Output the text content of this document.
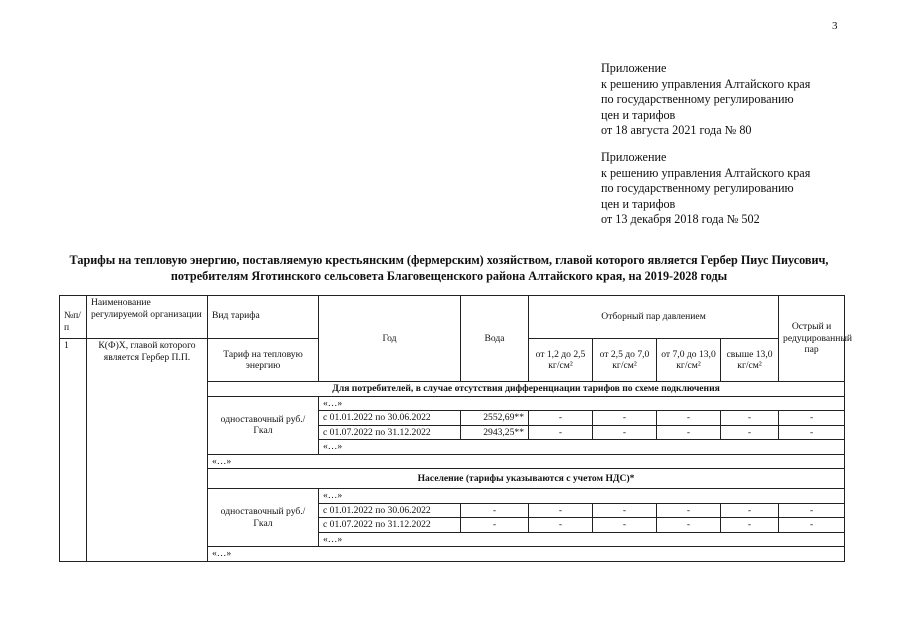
3
Приложение
к решению управления Алтайского края
по государственному регулированию
цен и тарифов
от 18 августа 2021 года № 80
Приложение
к решению управления Алтайского края
по государственному регулированию
цен и тарифов
от 13 декабря 2018 года № 502
Тарифы на тепловую энергию, поставляемую крестьянским (фермерским) хозяйством, главой которого является Гербер Пиус Пиусович, потребителям Яготинского сельсовета Благовещенского района Алтайского края, на 2019-2028 годы
№п/п	Наименование регулируемой организации	Вид тарифа	Год	Вода	Отборный пар давлением				Острый и редуцированный пар
1	К(Ф)Х, главой которого является Гербер П.П.	Тариф на тепловую энергию			от 1,2 до 2,5 кг/см²	от 2,5 до 7,0 кг/см²	от 7,0 до 13,0 кг/см²	свыше 13,0 кг/см²	
		Для потребителей, в случае отсутствия дифференциации тарифов по схеме подключения							
		одноставочный руб./Гкал	«…»						
			с 01.01.2022 по 30.06.2022	2552,69**	-	-	-	-	-
			с 01.07.2022 по 31.12.2022	2943,25**	-	-	-	-	-
			«…»						
		«…»							
		Население (тарифы указываются с учетом НДС)*							
		одноставочный руб./Гкал	«…»						
			с 01.01.2022 по 30.06.2022	-	-	-	-	-	-
			с 01.07.2022 по 31.12.2022	-	-	-	-	-	-
			«…»						
		«…»							
